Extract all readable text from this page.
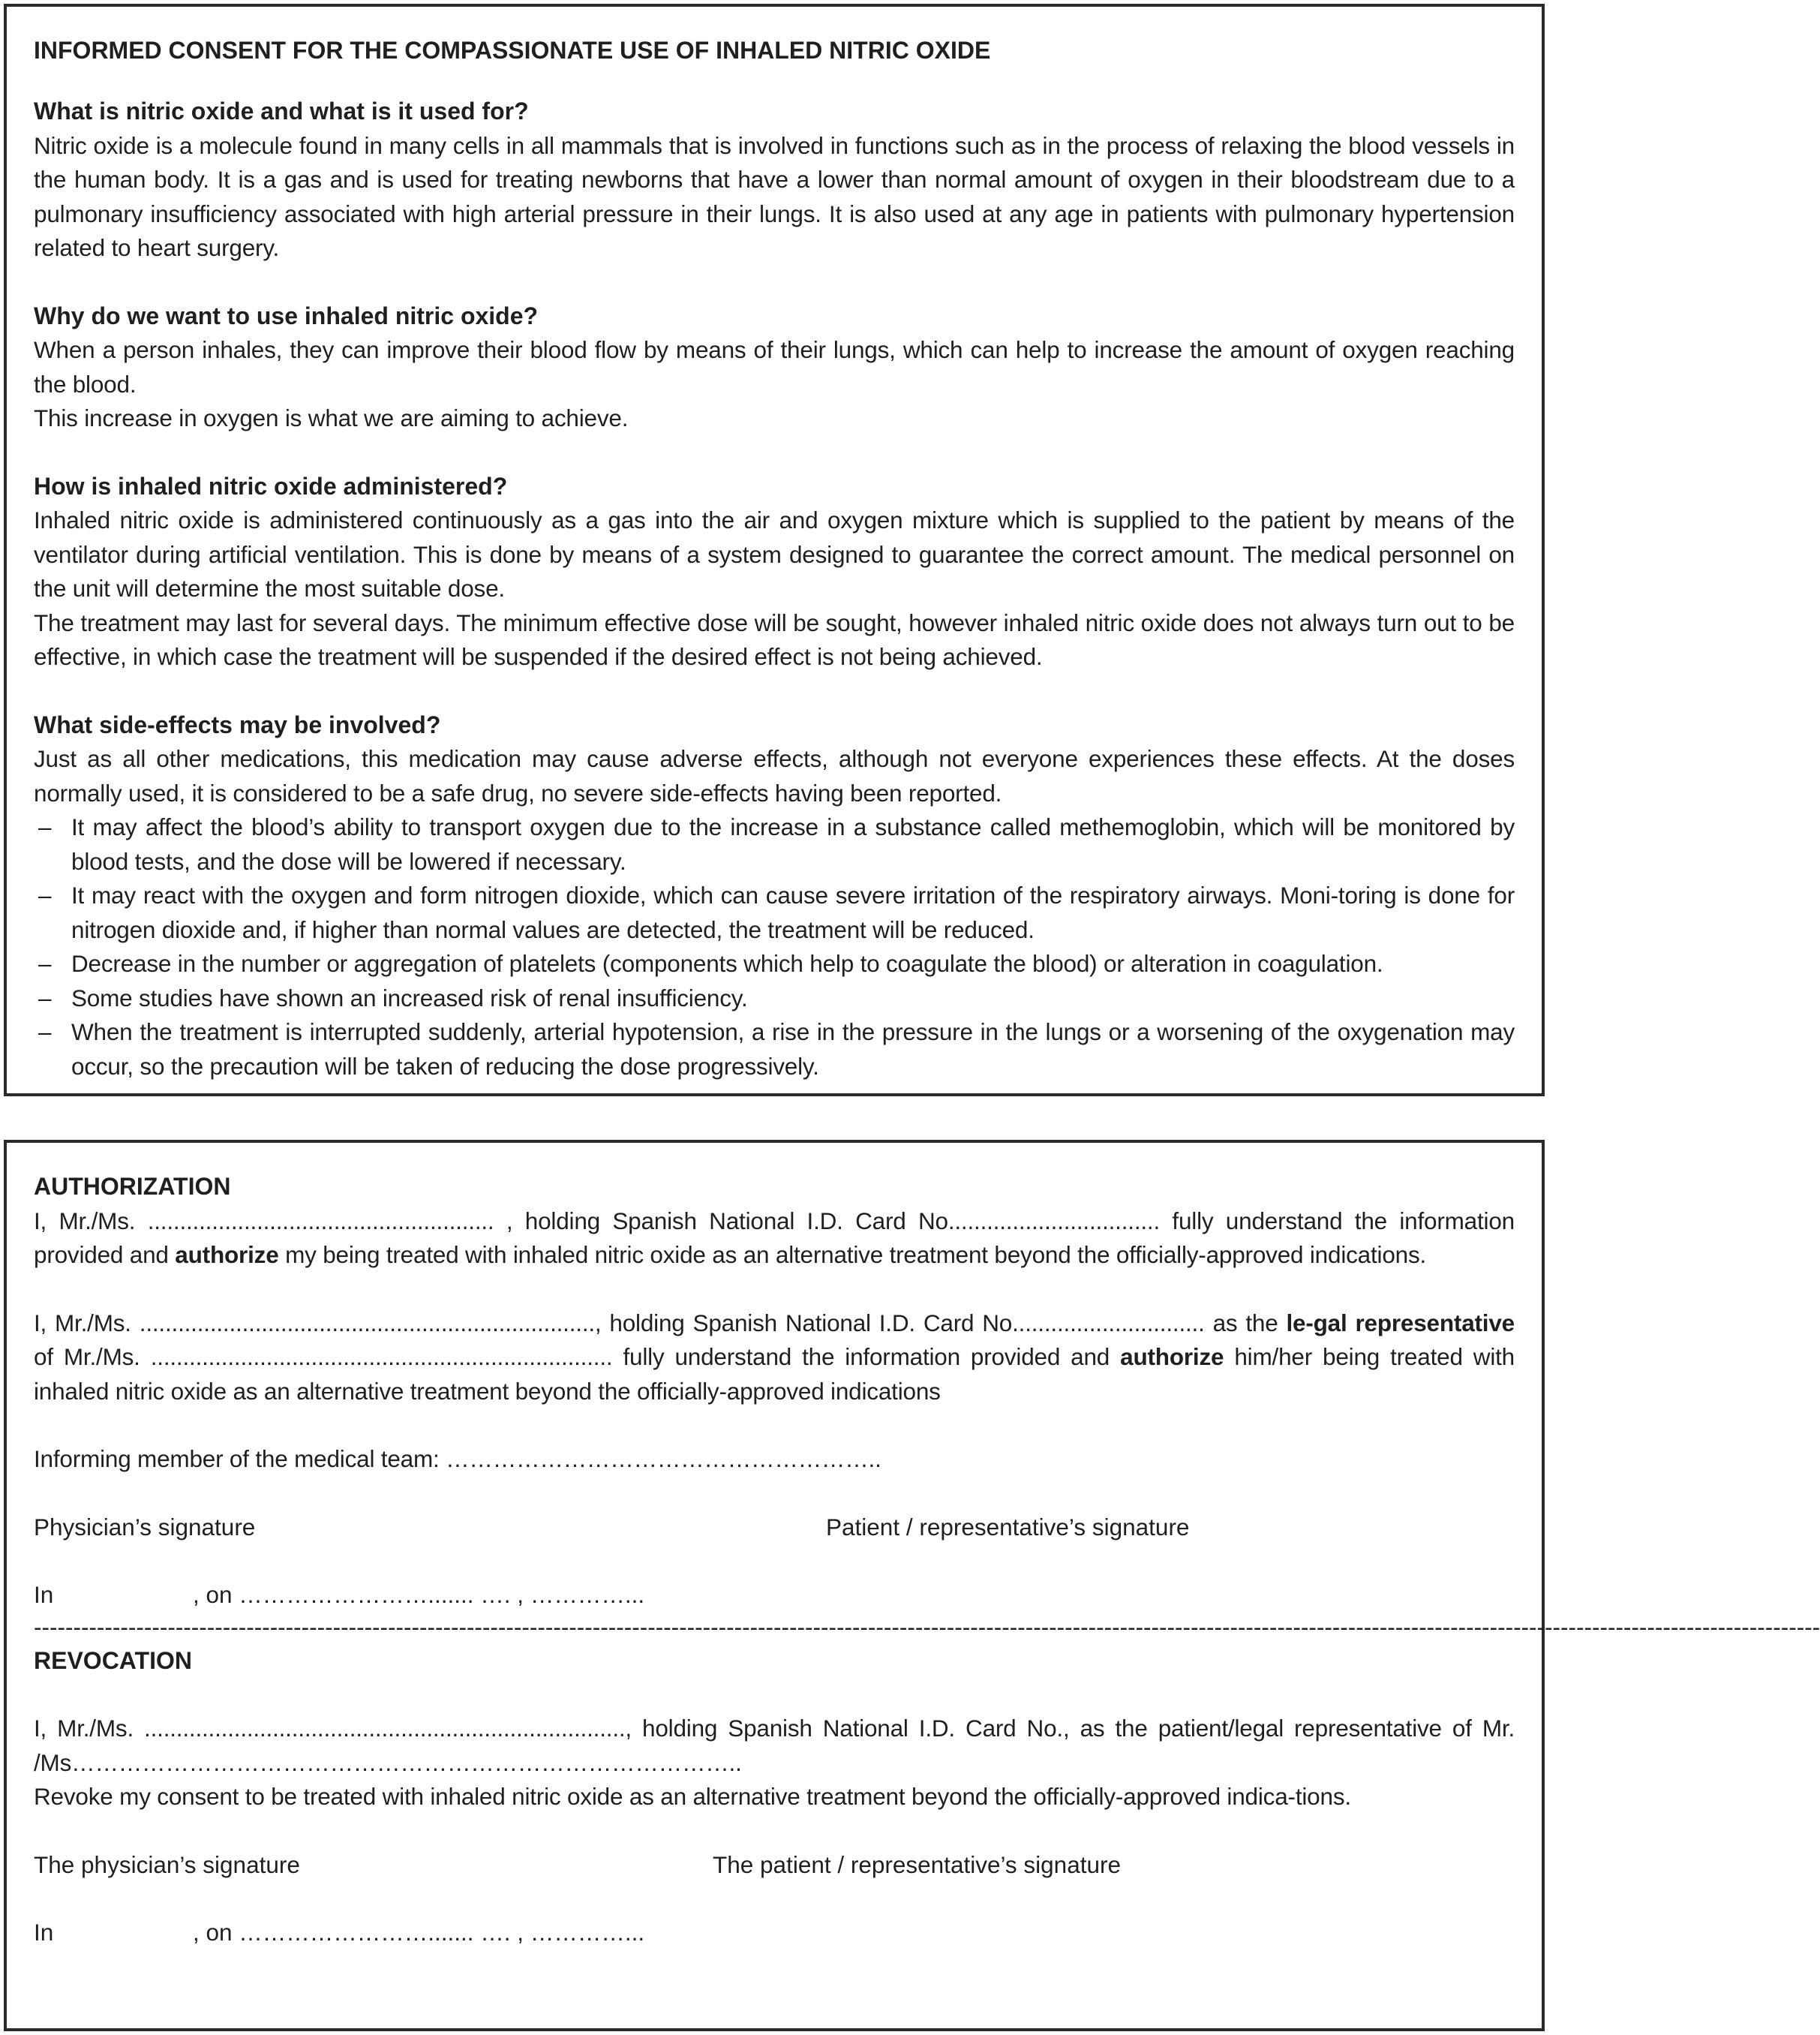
INFORMED CONSENT FOR THE COMPASSIONATE USE OF INHALED NITRIC OXIDE
What is nitric oxide and what is it used for?

Nitric oxide is a molecule found in many cells in all mammals that is involved in functions such as in the process of relaxing the blood vessels in the human body. It is a gas and is used for treating newborns that have a lower than normal amount of oxygen in their bloodstream due to a pulmonary insufficiency associated with high arterial pressure in their lungs. It is also used at any age in patients with pulmonary hypertension related to heart surgery.

Why do we want to use inhaled nitric oxide?

When a person inhales, they can improve their blood flow by means of their lungs, which can help to increase the amount of oxygen reaching the blood.

This increase in oxygen is what we are aiming to achieve.

How is inhaled nitric oxide administered?

Inhaled nitric oxide is administered continuously as a gas into the air and oxygen mixture which is supplied to the patient by means of the ventilator during artificial ventilation. This is done by means of a system designed to guarantee the correct amount. The medical personnel on the unit will determine the most suitable dose.

The treatment may last for several days. The minimum effective dose will be sought, however inhaled nitric oxide does not always turn out to be effective, in which case the treatment will be suspended if the desired effect is not being achieved.

What side-effects may be involved?

Just as all other medications, this medication may cause adverse effects, although not everyone experiences these effects. At the doses normally used, it is considered to be a safe drug, no severe side-effects having been reported.

– It may affect the blood’s ability to transport oxygen due to the increase in a substance called methemoglobin, which will be monitored by blood tests, and the dose will be lowered if necessary.
– It may react with the oxygen and form nitrogen dioxide, which can cause severe irritation of the respiratory airways. Moni-toring is done for nitrogen dioxide and, if higher than normal values are detected, the treatment will be reduced.
– Decrease in the number or aggregation of platelets (components which help to coagulate the blood) or alteration in coagulation.
– Some studies have shown an increased risk of renal insufficiency.
– When the treatment is interrupted suddenly, arterial hypotension, a rise in the pressure in the lungs or a worsening of the oxygenation may occur, so the precaution will be taken of reducing the dose progressively.
AUTHORIZATION

I, Mr./Ms. ...................................................... , holding Spanish National I.D. Card No................................. fully understand the information provided and authorize my being treated with inhaled nitric oxide as an alternative treatment beyond the officially-approved indications.

I, Mr./Ms. ......................................................................., holding Spanish National I.D. Card No.............................. as the le-gal representative of Mr./Ms. ........................................................................ fully understand the information provided and authorize him/her being treated with inhaled nitric oxide as an alternative treatment beyond the officially-approved indications

Informing member of the medical team: ………………………………………………..

Physician’s signature	Patient / representative’s signature
In	, on ……………………....... …. , …………...
-----------------------------------------------------------------------------------------------------------------------------------------------------------------------------------------------------------------------------------
REVOCATION

I, Mr./Ms. ..........................................................................., holding Spanish National I.D. Card No., as the patient/legal representative of Mr. /Ms…………………………………………………………………………..

Revoke my consent to be treated with inhaled nitric oxide as an alternative treatment beyond the officially-approved indica-tions.

The physician’s signature	The patient / representative’s signature
In	, on ……………………....... …. , …………...
